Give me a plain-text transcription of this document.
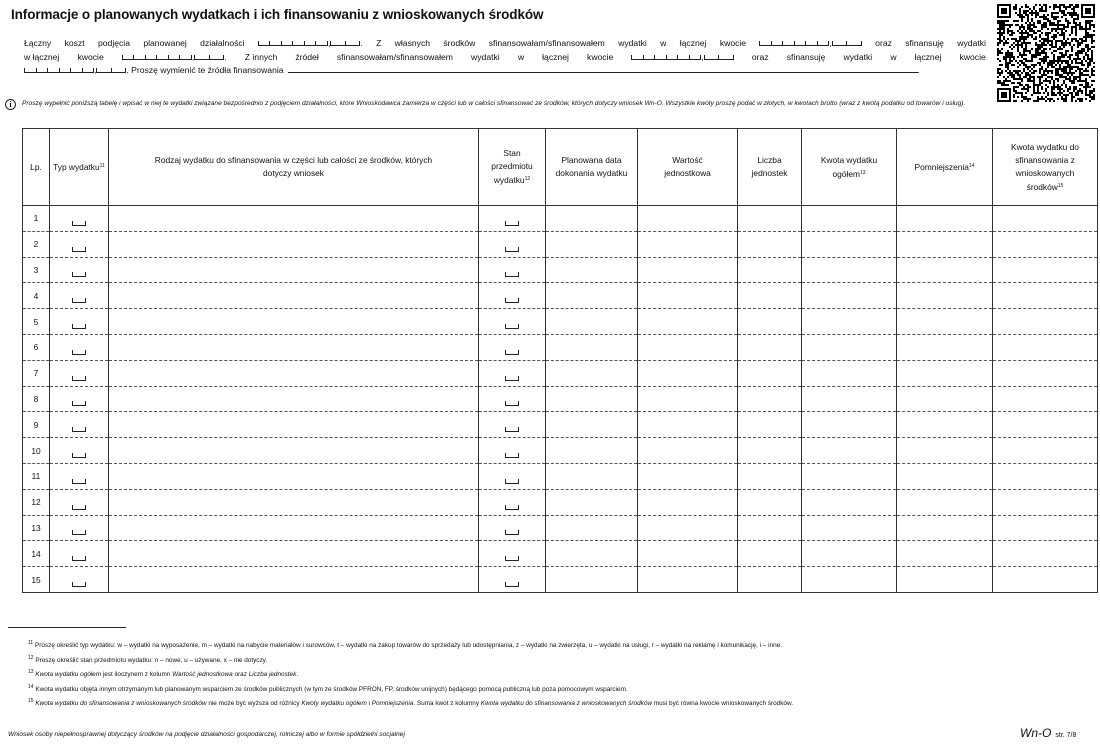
Informacje o planowanych wydatkach i ich finansowaniu z wnioskowanych środków
Łączny koszt podjęcia planowanej działalności	,	. Z własnych środków sfinansowałam/sfinansowałem wydatki w łącznej kwocie	,	oraz sfinansuję wydatki
w łącznej kwocie	,	. Z innych źródeł sfinansowałam/sfinansowałem wydatki w łącznej kwocie	,	oraz sfinansuję wydatki w łącznej kwocie
,	. Proszę wymienić te źródła finansowania	.
i	Proszę wypełnić poniższą tabelę i wpisać w niej te wydatki związane bezpośrednio z podjęciem działalności, które Wnioskodawca zamierza w części lub w całości sfinansować ze środków, których dotyczy wniosek Wn-O. Wszystkie kwoty proszę podać w złotych, w kwotach brutto (wraz z kwotą podatku od towarów i usług).
Lp.	Typ wydatku$^{11}$	Rodzaj wydatku do sfinansowania w części lub całości ze środków, których dotyczy wniosek	Stan przedmiotu wydatku$^{12}$	Planowana data dokonania wydatku	Wartość jednostkowa	Liczba jednostek	Kwota wydatku ogółem$^{13}$	Pomniejszenia$^{14}$	Kwota wydatku do sfinansowania z wnioskowanych środków$^{15}$
1									
2									
3									
4									
5									
6									
7									
8									
9									
10									
11									
12									
13									
14									
15									

$^{11}$ Proszę określić typ wydatku: w – wydatki na wyposażenie, m – wydatki na nabycie materiałów i surowców, t – wydatki na zakup towarów do sprzedaży lub udostępniania, z – wydatki na zwierzęta, u – wydatki na usługi, r – wydatki na reklamę i komunikację, i – inne.

$^{12}$ Proszę określić stan przedmiotu wydatku: n – nowe, u – używane, x – nie dotyczy.

$^{13}$ Kwota wydatku ogółem jest iloczynem z kolumn Wartość jednostkowa oraz Liczba jednostek.

$^{14}$ Kwota wydatku objęta innym otrzymanym lub planowanym wsparciem ze środków publicznych (w tym ze środków PFRON, FP, środków unijnych) będącego pomocą publiczną lub poza pomocowym wsparciem.

$^{15}$ Kwota wydatku do sfinansowania z wnioskowanych środków nie może być wyższa od różnicy Kwoty wydatku ogółem i Pomniejszenia. Suma kwot z kolumny Kwota wydatku do sfinansowania z wnioskowanych środków musi być równa kwocie wnioskowanych środków.

Wniosek osoby niepełnosprawnej dotyczący środków na podjęcie działalności gospodarczej, rolniczej albo w formie spółdzielni socjalnej	Wn-O str. 7/8
